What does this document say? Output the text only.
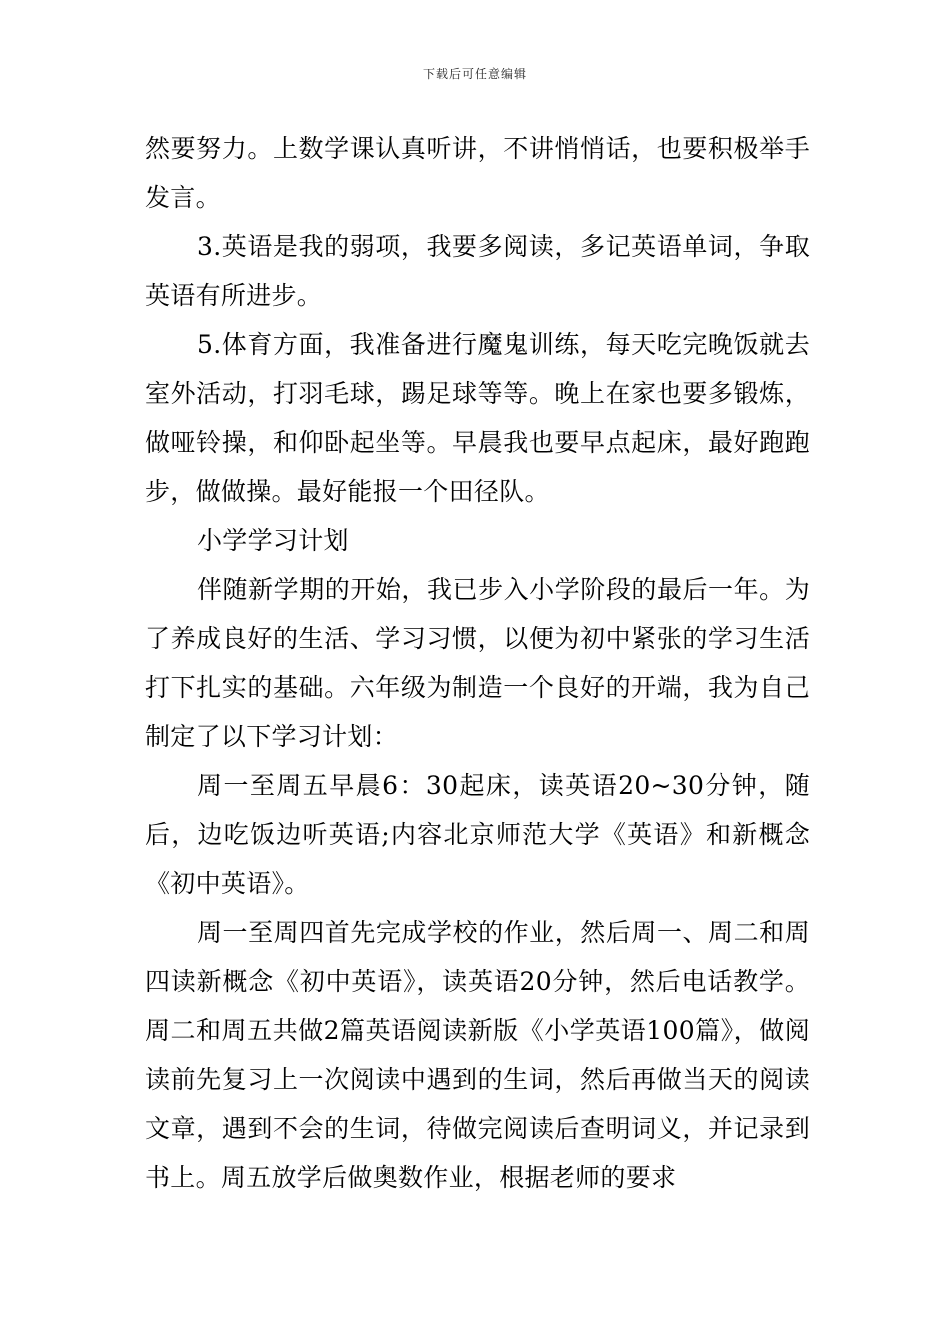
下载后可任意编辑

然要努力。上数学课认真听讲，不讲悄悄话，也要积极举手发言。

3.英语是我的弱项，我要多阅读，多记英语单词，争取英语有所进步。

5.体育方面，我准备进行魔鬼训练，每天吃完晚饭就去室外活动，打羽毛球，踢足球等等。晚上在家也要多锻炼，做哑铃操，和仰卧起坐等。早晨我也要早点起床，最好跑跑步，做做操。最好能报一个田径队。

小学学习计划

伴随新学期的开始，我已步入小学阶段的最后一年。为了养成良好的生活、学习习惯，以便为初中紧张的学习生活打下扎实的基础。六年级为制造一个良好的开端，我为自己制定了以下学习计划：

周一至周五早晨6：30起床，读英语20~30分钟，随后，边吃饭边听英语;内容北京师范大学《英语》和新概念《初中英语》。

周一至周四首先完成学校的作业，然后周一、周二和周四读新概念《初中英语》，读英语20分钟，然后电话教学。周二和周五共做2篇英语阅读新版《小学英语100篇》，做阅读前先复习上一次阅读中遇到的生词，然后再做当天的阅读文章，遇到不会的生词，待做完阅读后查明词义，并记录到书上。周五放学后做奥数作业，根据老师的要求
